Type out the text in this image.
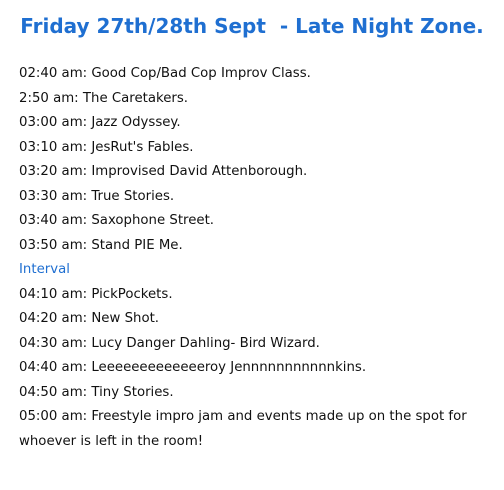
Friday 27th/28th Sept  - Late Night Zone.
02:40 am: Good Cop/Bad Cop Improv Class.
2:50 am: The Caretakers.
03:00 am: Jazz Odyssey.
03:10 am: JesRut's Fables.
03:20 am: Improvised David Attenborough.
03:30 am: True Stories.
03:40 am: Saxophone Street.
03:50 am: Stand PIE Me.
Interval
04:10 am: PickPockets.
04:20 am: New Shot.
04:30 am: Lucy Danger Dahling- Bird Wizard.
04:40 am: Leeeeeeeeeeeeeroy Jennnnnnnnnnnkins.
04:50 am: Tiny Stories.
05:00 am: Freestyle impro jam and events made up on the spot for whoever is left in the room!
